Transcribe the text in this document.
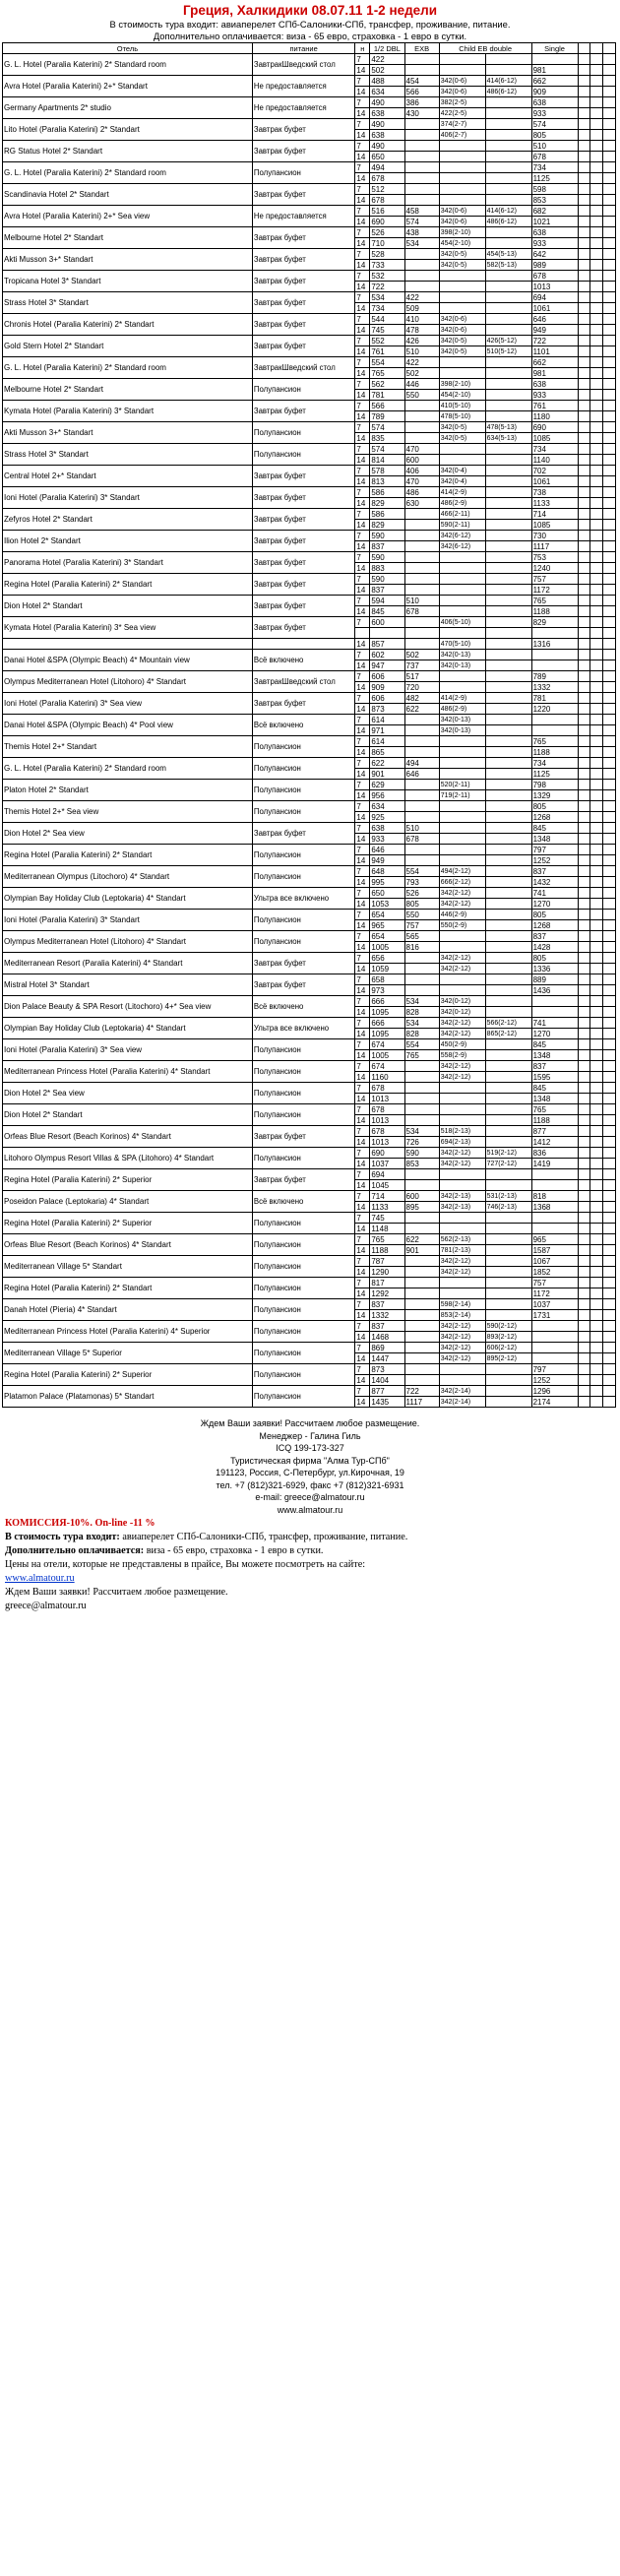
Греция, Халкидики 08.07.11 1-2 недели
В стоимость тура входит: авиаперелет СПб-Салоники-СПб, трансфер, проживание, питание.
Дополнительно оплачивается: виза - 65 евро, страховка - 1 евро в сутки.
Отель	питание	н	1/2 DBL	EXB	Child EB double		Single			
G. L. Hotel (Paralia Katerini) 2* Standard room	ЗавтракШведский стол	7	422							
		14	502				981			
Avra Hotel (Paralia Katerini) 2+* Standart	Не предоставляется	7	488	454	342(0-6)	414(6-12)	662			
		14	634	566	342(0-6)	486(6-12)	909			
Germany Apartments 2* studio	Не предоставляется	7	490	386	382(2-5)		638			
		14	638	430	422(2-5)		933			
Lito Hotel (Paralia Katerini) 2* Standart	Завтрак буфет	7	490		374(2-7)		574			
		14	638		406(2-7)		805			
RG Status Hotel 2* Standart	Завтрак буфет	7	490				510			
		14	650				678			
G. L. Hotel (Paralia Katerini) 2* Standard room	Полупансион	7	494				734			
		14	678				1125			
Scandinavia Hotel 2* Standart	Завтрак буфет	7	512				598			
		14	678				853			
Avra Hotel (Paralia Katerini) 2+* Sea view	Не предоставляется	7	516	458	342(0-6)	414(6-12)	682			
		14	690	574	342(0-6)	486(6-12)	1021			
Melbourne Hotel 2* Standart	Завтрак буфет	7	526	438	398(2-10)		638			
		14	710	534	454(2-10)		933			
Akti Musson 3+* Standart	Завтрак буфет	7	528		342(0-5)	454(5-13)	642			
		14	733		342(0-5)	582(5-13)	989			
Tropicana Hotel 3* Standart	Завтрак буфет	7	532				678			
		14	722				1013			
Strass Hotel 3* Standart	Завтрак буфет	7	534	422			694			
		14	734	509			1061			
Chronis Hotel (Paralia Katerini) 2* Standart	Завтрак буфет	7	544	410	342(0-6)		646			
		14	745	478	342(0-6)		949			
Gold Stern Hotel 2* Standart	Завтрак буфет	7	552	426	342(0-5)	426(5-12)	722			
		14	761	510	342(0-5)	510(5-12)	1101			
G. L. Hotel (Paralia Katerini) 2* Standard room	ЗавтракШведский стол	7	554	422			662			
		14	765	502			981			
Melbourne Hotel 2* Standart	Полупансион	7	562	446	398(2-10)		638			
		14	781	550	454(2-10)		933			
Kymata Hotel (Paralia Katerini) 3* Standart	Завтрак буфет	7	566		410(5-10)		761			
		14	789		478(5-10)		1180			
Akti Musson 3+* Standart	Полупансион	7	574		342(0-5)	478(5-13)	690			
		14	835		342(0-5)	634(5-13)	1085			
Strass Hotel 3* Standart	Полупансион	7	574	470			734			
		14	814	600			1140			
Central Hotel 2+* Standart	Завтрак буфет	7	578	406	342(0-4)		702			
		14	813	470	342(0-4)		1061			
Ioni Hotel (Paralia Katerini) 3* Standart	Завтрак буфет	7	586	486	414(2-9)		738			
		14	829	630	486(2-9)		1133			
Zefyros Hotel 2* Standart	Завтрак буфет	7	586		466(2-11)		714			
		14	829		590(2-11)		1085			
Ilion Hotel 2* Standart	Завтрак буфет	7	590		342(6-12)		730			
		14	837		342(6-12)		1117			
Panorama Hotel (Paralia Katerini) 3* Standart	Завтрак буфет	7	590				753			
		14	883				1240			
Regina Hotel (Paralia Katerini) 2* Standart	Завтрак буфет	7	590				757			
		14	837				1172			
Dion Hotel 2* Standart	Завтрак буфет	7	594	510			765			
		14	845	678			1188			
Kymata Hotel (Paralia Katerini) 3* Sea view	Завтрак буфет	7	600		406(5-10)		829			

		14	857		470(5-10)		1316			
Danai Hotel &SPA (Olympic Beach) 4* Mountain view	Всё включено	7	602	502	342(0-13)					
		14	947	737	342(0-13)					
Olympus Mediterranean Hotel (Litohoro) 4* Standart	ЗавтракШведский стол	7	606	517			789			
		14	909	720			1332			
Ioni Hotel (Paralia Katerini) 3* Sea view	Завтрак буфет	7	606	482	414(2-9)		781			
		14	873	622	486(2-9)		1220			
Danai Hotel &SPA (Olympic Beach) 4* Pool view	Всё включено	7	614		342(0-13)					
		14	971		342(0-13)					
Themis Hotel 2+* Standart	Полупансион	7	614				765			
		14	865				1188			
G. L. Hotel (Paralia Katerini) 2* Standard room	Полупансион	7	622	494			734			
		14	901	646			1125			
Platon Hotel 2* Standart	Полупансион	7	629		520(2-11)		798			
		14	956		719(2-11)		1329			
Themis Hotel 2+* Sea view	Полупансион	7	634				805			
		14	925				1268			
Dion Hotel 2* Sea view	Завтрак буфет	7	638	510			845			
		14	933	678			1348			
Regina Hotel (Paralia Katerini) 2* Standart	Полупансион	7	646				797			
		14	949				1252			
Mediterranean Olympus (Litochoro) 4* Standart	Полупансион	7	648	554	494(2-12)		837			
		14	995	793	666(2-12)		1432			
Olympian Bay Holiday Club (Leptokaria) 4* Standart	Ультра все включено	7	650	526	342(2-12)		741			
		14	1053	805	342(2-12)		1270			
Ioni Hotel (Paralia Katerini) 3* Standart	Полупансион	7	654	550	446(2-9)		805			
		14	965	757	550(2-9)		1268			
Olympus Mediterranean Hotel (Litohoro) 4* Standart	Полупансион	7	654	565			837			
		14	1005	816			1428			
Mediterranean Resort (Paralia Katerini) 4* Standart	Завтрак буфет	7	656		342(2-12)		805			
		14	1059		342(2-12)		1336			
Mistral Hotel 3* Standart	Завтрак буфет	7	658				889			
		14	973				1436			
Dion Palace Beauty & SPA Resort (Litochoro) 4+* Sea view	Всё включено	7	666	534	342(0-12)					
		14	1095	828	342(0-12)					
Olympian Bay Holiday Club (Leptokaria) 4* Standart	Ультра все включено	7	666	534	342(2-12)	566(2-12)	741			
		14	1095	828	342(2-12)	865(2-12)	1270			
Ioni Hotel (Paralia Katerini) 3* Sea view	Полупансион	7	674	554	450(2-9)		845			
		14	1005	765	558(2-9)		1348			
Mediterranean Princess Hotel (Paralia Katerini) 4* Standart	Полупансион	7	674		342(2-12)		837			
		14	1160		342(2-12)		1595			
Dion Hotel 2* Sea view	Полупансион	7	678				845			
		14	1013				1348			
Dion Hotel 2* Standart	Полупансион	7	678				765			
		14	1013				1188			
Orfeas Blue Resort (Beach Korinos) 4* Standart	Завтрак буфет	7	678	534	518(2-13)		877			
		14	1013	726	694(2-13)		1412			
Litohoro Olympus Resort Villas & SPA (Litohoro) 4* Standart	Полупансион	7	690	590	342(2-12)	519(2-12)	836			
		14	1037	853	342(2-12)	727(2-12)	1419			
Regina Hotel (Paralia Katerini) 2* Superior	Завтрак буфет	7	694							
		14	1045							
Poseidon Palace (Leptokaria) 4* Standart	Всё включено	7	714	600	342(2-13)	531(2-13)	818			
		14	1133	895	342(2-13)	746(2-13)	1368			
Regina Hotel (Paralia Katerini) 2* Superior	Полупансион	7	745							
		14	1148							
Orfeas Blue Resort (Beach Korinos) 4* Standart	Полупансион	7	765	622	562(2-13)		965			
		14	1188	901	781(2-13)		1587			
Mediterranean Village 5* Standart	Полупансион	7	787		342(2-12)		1067			
		14	1290		342(2-12)		1852			
Regina Hotel (Paralia Katerini) 2* Standart	Полупансион	7	817				757			
		14	1292				1172			
Danah Hotel (Pieria) 4* Standart	Полупансион	7	837		598(2-14)		1037			
		14	1332		853(2-14)		1731			
Mediterranean Princess Hotel (Paralia Katerini) 4* Superior	Полупансион	7	837		342(2-12)	590(2-12)				
		14	1468		342(2-12)	893(2-12)				
Mediterranean Village 5* Superior	Полупансион	7	869		342(2-12)	606(2-12)				
		14	1447		342(2-12)	895(2-12)				
Regina Hotel (Paralia Katerini) 2* Superior	Полупансион	7	873				797			
		14	1404				1252			
Platamon Palace (Platamonas) 5* Standart	Полупансион	7	877	722	342(2-14)		1296			
		14	1435	1117	342(2-14)		2174			
Ждем Ваши заявки! Рассчитаем любое размещение.
Менеджер - Галина Гиль
ICQ 199-173-327
Туристическая фирма "Алма Тур-СПб"
191123, Россия, С-Петербург, ул.Кирочная, 19
тел. +7 (812)321-6929, факс +7 (812)321-6931
e-mail: greece@almatour.ru
www.almatour.ru
КОМИССИЯ-10%. On-line -11 %
В стоимость тура входит: авиаперелет СПб-Салоники-СПб, трансфер, проживание, питание.
Дополнительно оплачивается: виза - 65 евро, страховка - 1 евро в сутки.
Цены на отели, которые не представлены в прайсе, Вы можете посмотреть на сайте:
www.almatour.ru
Ждем Ваши заявки! Рассчитаем любое размещение.
greece@almatour.ru
